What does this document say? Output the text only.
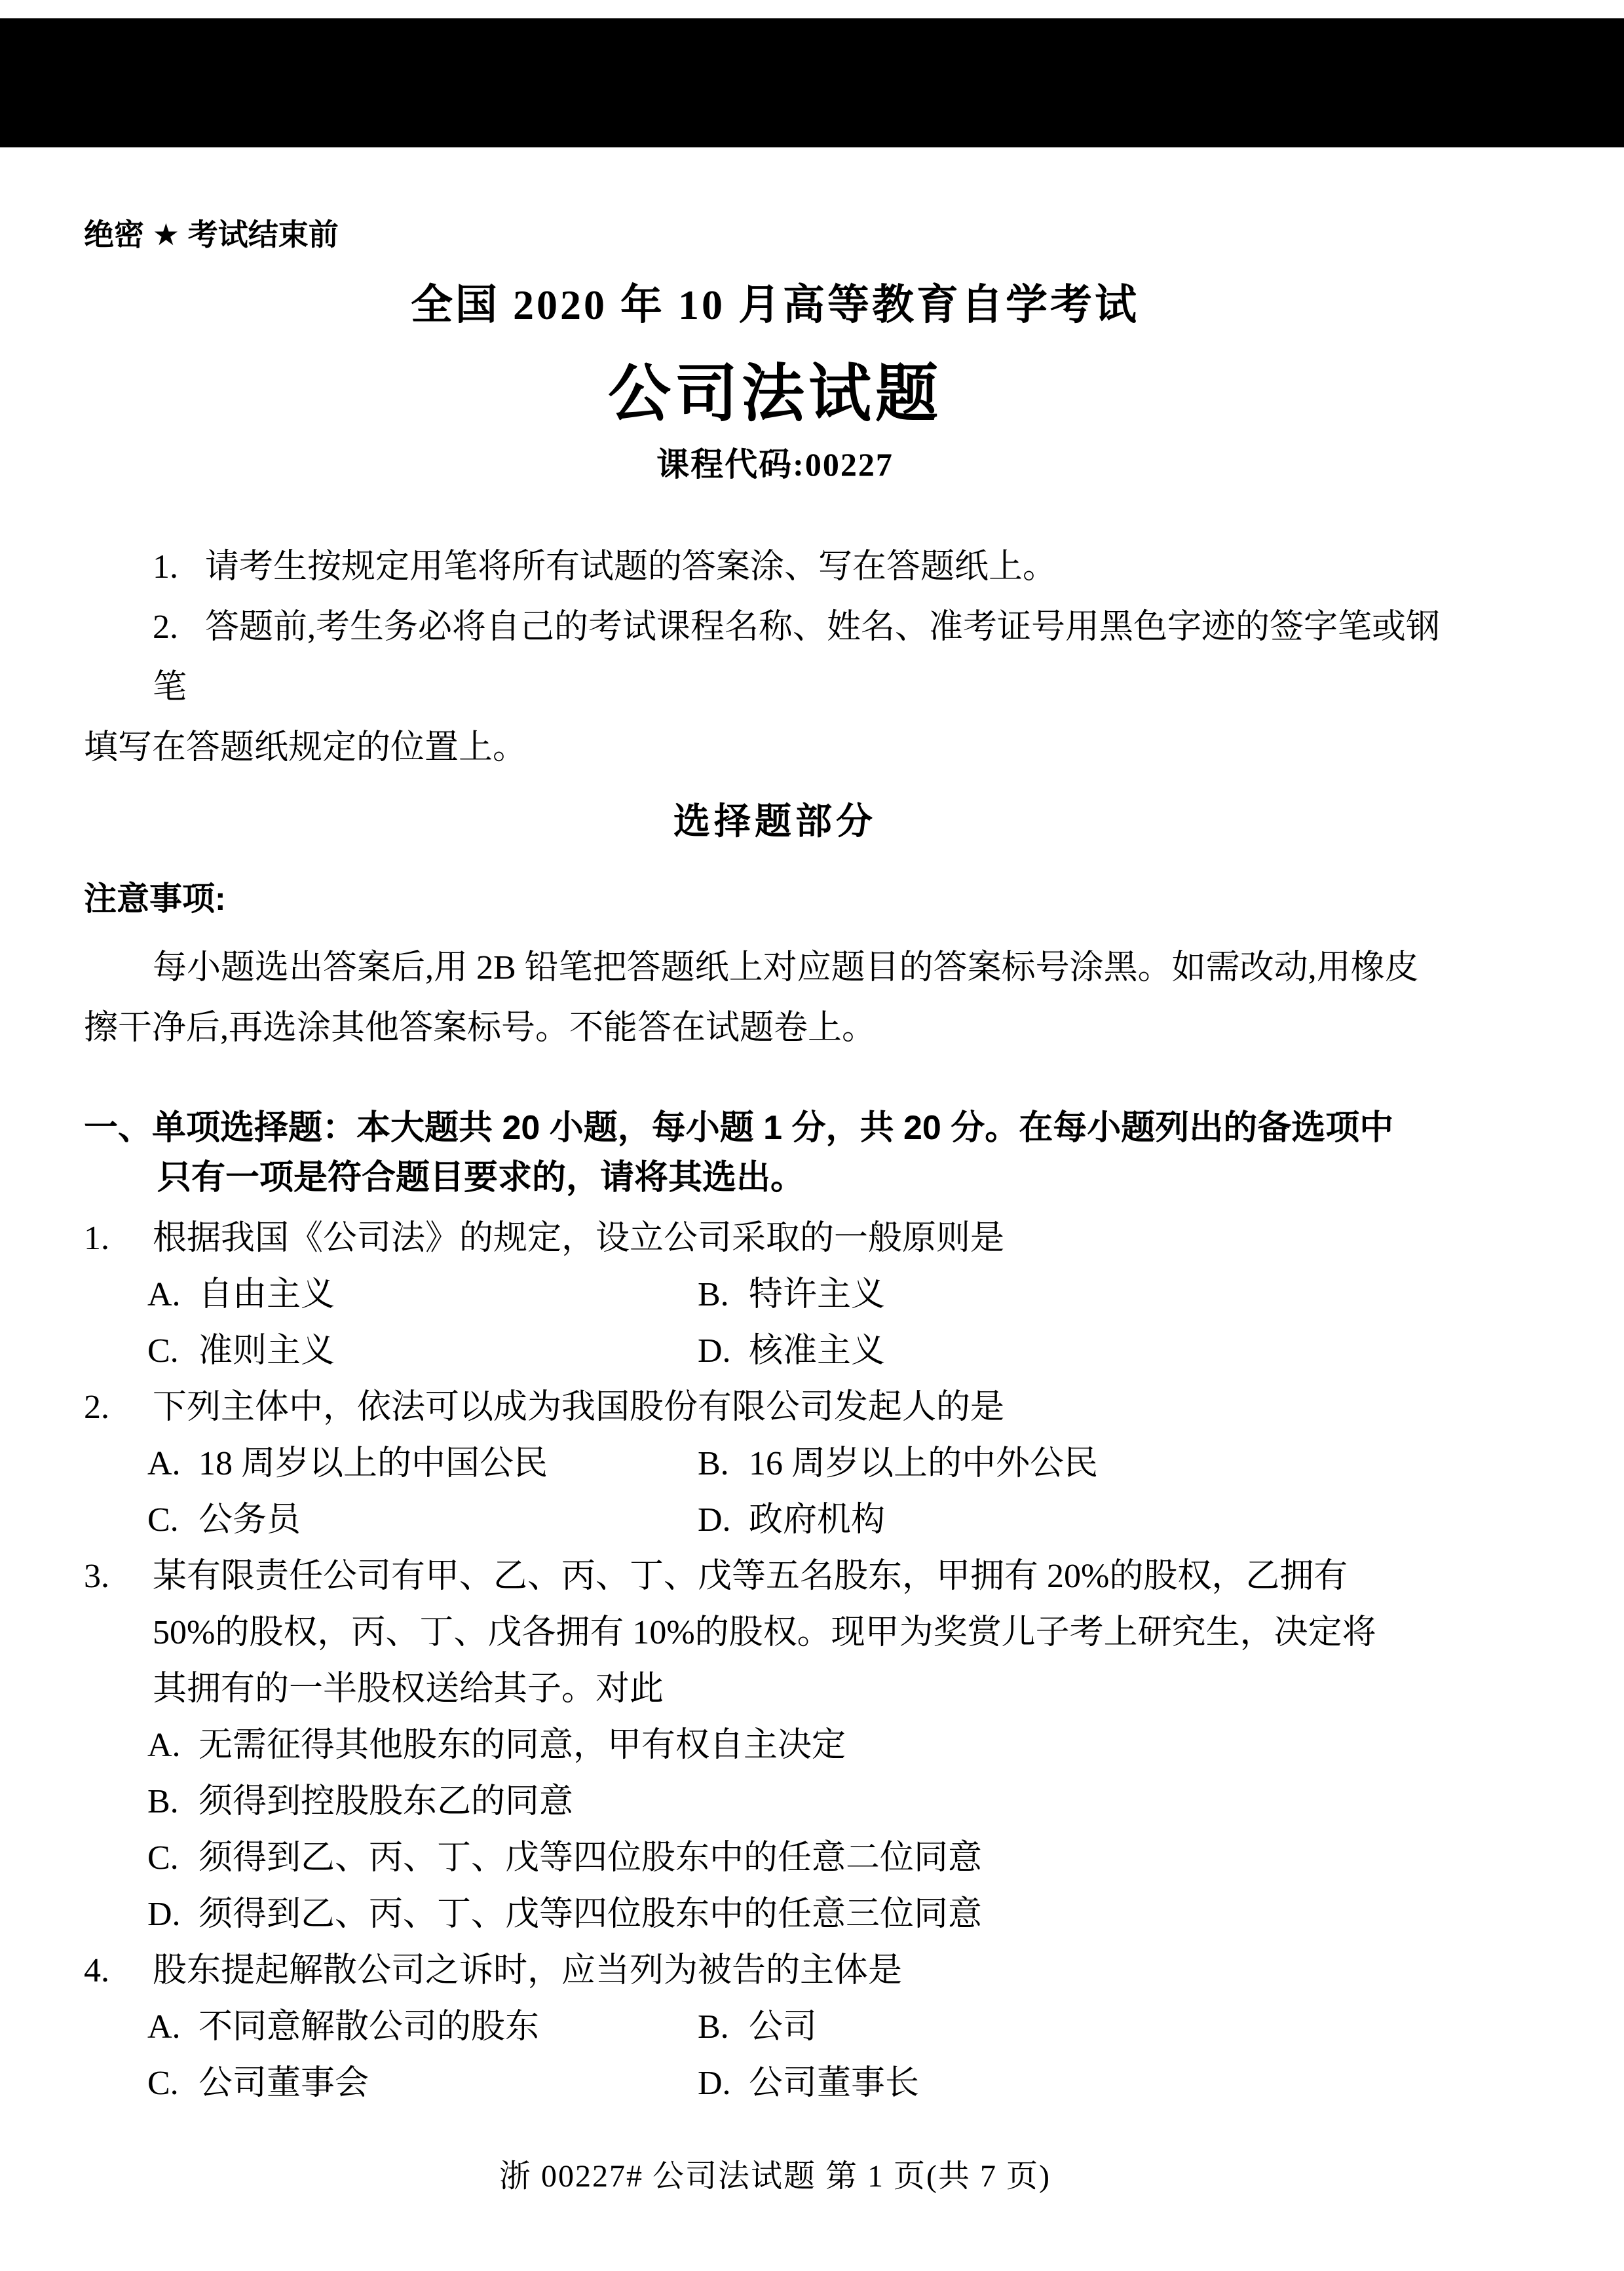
绝密 ★ 考试结束前
全国 2020 年 10 月高等教育自学考试
公司法试题
课程代码:00227
1. 请考生按规定用笔将所有试题的答案涂、写在答题纸上。
2. 答题前,考生务必将自己的考试课程名称、姓名、准考证号用黑色字迹的签字笔或钢笔
填写在答题纸规定的位置上。
选择题部分
注意事项:
每小题选出答案后,用 2B 铅笔把答题纸上对应题目的答案标号涂黑。如需改动,用橡皮
擦干净后,再选涂其他答案标号。不能答在试题卷上。
一、单项选择题：本大题共 20 小题，每小题 1 分，共 20 分。在每小题列出的备选项中
只有一项是符合题目要求的，请将其选出。
1. 根据我国《公司法》的规定，设立公司采取的一般原则是
A. 自由主义	B. 特许主义
C. 准则主义	D. 核准主义
2. 下列主体中，依法可以成为我国股份有限公司发起人的是
A. 18 周岁以上的中国公民	B. 16 周岁以上的中外公民
C. 公务员	D. 政府机构
3. 某有限责任公司有甲、乙、丙、丁、戊等五名股东，甲拥有 20%的股权，乙拥有
50%的股权，丙、丁、戊各拥有 10%的股权。现甲为奖赏儿子考上研究生，决定将
其拥有的一半股权送给其子。对此
A. 无需征得其他股东的同意，甲有权自主决定
B. 须得到控股股东乙的同意
C. 须得到乙、丙、丁、戊等四位股东中的任意二位同意
D. 须得到乙、丙、丁、戊等四位股东中的任意三位同意
4. 股东提起解散公司之诉时，应当列为被告的主体是
A. 不同意解散公司的股东	B. 公司
C. 公司董事会	D. 公司董事长
浙 00227# 公司法试题 第 1 页(共 7 页)
